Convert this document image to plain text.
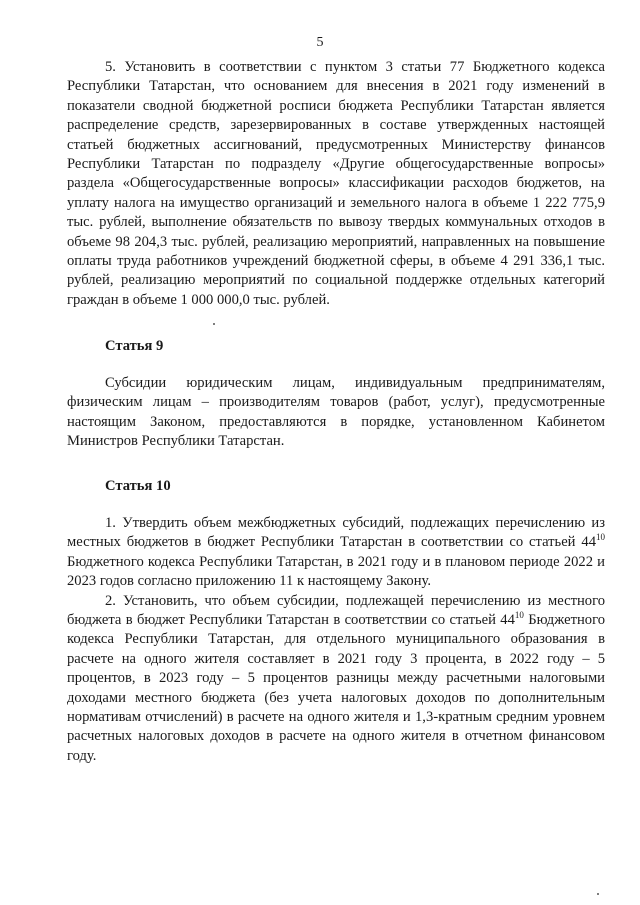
5

5. Установить в соответствии с пунктом 3 статьи 77 Бюджетного кодекса Республики Татарстан, что основанием для внесения в 2021 году изменений в показатели сводной бюджетной росписи бюджета Республики Татарстан является распределение средств, зарезервированных в составе утвержденных настоящей статьей бюджетных ассигнований, предусмотренных Министерству финансов Республики Татарстан по подразделу «Другие общегосударственные вопросы» раздела «Общегосударственные вопросы» классификации расходов бюджетов, на уплату налога на имущество организаций и земельного налога в объеме 1 222 775,9 тыс. рублей, выполнение обязательств по вывозу твердых коммунальных отходов в объеме 98 204,3 тыс. рублей, реализацию мероприятий, направленных на повышение оплаты труда работников учреждений бюджетной сферы, в объеме 4 291 336,1 тыс. рублей, реализацию мероприятий по социальной поддержке отдельных категорий граждан в объеме 1 000 000,0 тыс. рублей.

Статья 9

Субсидии юридическим лицам, индивидуальным предпринимателям, физическим лицам – производителям товаров (работ, услуг), предусмотренные настоящим Законом, предоставляются в порядке, установленном Кабинетом Министров Республики Татарстан.

Статья 10

1. Утвердить объем межбюджетных субсидий, подлежащих перечислению из местных бюджетов в бюджет Республики Татарстан в соответствии со статьей $44^{10}$ Бюджетного кодекса Республики Татарстан, в 2021 году и в плановом периоде 2022 и 2023 годов согласно приложению 11 к настоящему Закону.

2. Установить, что объем субсидии, подлежащей перечислению из местного бюджета в бюджет Республики Татарстан в соответствии со статьей $44^{10}$ Бюджетного кодекса Республики Татарстан, для отдельного муниципального образования в расчете на одного жителя составляет в 2021 году 3 процента, в 2022 году – 5 процентов, в 2023 году – 5 процентов разницы между расчетными налоговыми доходами местного бюджета (без учета налоговых доходов по дополнительным нормативам отчислений) в расчете на одного жителя и 1,3-кратным средним уровнем расчетных налоговых доходов в расчете на одного жителя в отчетном финансовом году.
